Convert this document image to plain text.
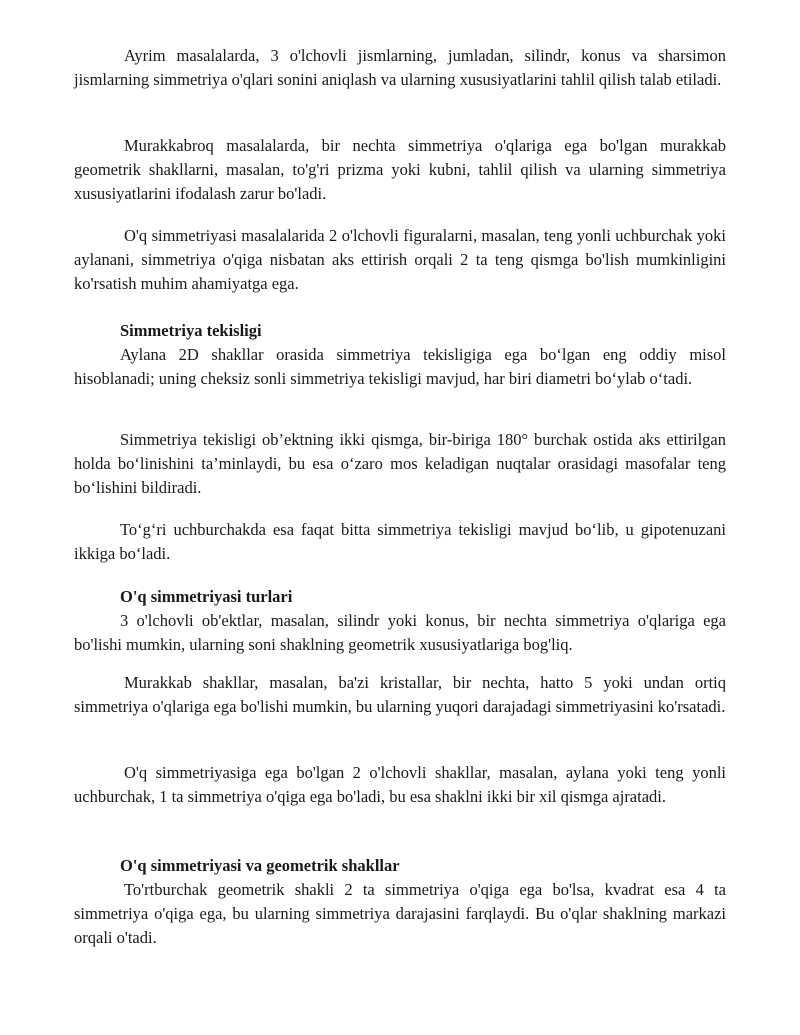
Ayrim masalalarda, 3 o'lchovli jismlarning, jumladan, silindr, konus va sharsimon jismlarning simmetriya o'qlari sonini aniqlash va ularning xususiyatlarini tahlil qilish talab etiladi.

Murakkabroq masalalarda, bir nechta simmetriya o'qlariga ega bo'lgan murakkab geometrik shakllarni, masalan, to'g'ri prizma yoki kubni, tahlil qilish va ularning simmetriya xususiyatlarini ifodalash zarur bo'ladi.

O'q simmetriyasi masalalarida 2 o'lchovli figuralarni, masalan, teng yonli uchburchak yoki aylanani, simmetriya o'qiga nisbatan aks ettirish orqali 2 ta teng qismga bo'lish mumkinligini ko'rsatish muhim ahamiyatga ega.

Simmetriya tekisligi

Aylana 2D shakllar orasida simmetriya tekisligiga ega bo‘lgan eng oddiy misol hisoblanadi; uning cheksiz sonli simmetriya tekisligi mavjud, har biri diametri bo‘ylab o‘tadi.

Simmetriya tekisligi ob’ektning ikki qismga, bir-biriga 180° burchak ostida aks ettirilgan holda bo‘linishini ta’minlaydi, bu esa o‘zaro mos keladigan nuqtalar orasidagi masofalar teng bo‘lishini bildiradi.

To‘g‘ri uchburchakda esa faqat bitta simmetriya tekisligi mavjud bo‘lib, u gipotenuzani ikkiga bo‘ladi.

O'q simmetriyasi turlari

3 o'lchovli ob'ektlar, masalan, silindr yoki konus, bir nechta simmetriya o'qlariga ega bo'lishi mumkin, ularning soni shaklning geometrik xususiyatlariga bog'liq.

Murakkab shakllar, masalan, ba'zi kristallar, bir nechta, hatto 5 yoki undan ortiq simmetriya o'qlariga ega bo'lishi mumkin, bu ularning yuqori darajadagi simmetriyasini ko'rsatadi.

O'q simmetriyasiga ega bo'lgan 2 o'lchovli shakllar, masalan, aylana yoki teng yonli uchburchak, 1 ta simmetriya o'qiga ega bo'ladi, bu esa shaklni ikki bir xil qismga ajratadi.

O'q simmetriyasi va geometrik shakllar

To'rtburchak geometrik shakli 2 ta simmetriya o'qiga ega bo'lsa, kvadrat esa 4 ta simmetriya o'qiga ega, bu ularning simmetriya darajasini farqlaydi. Bu o'qlar shaklning markazi orqali o'tadi.
